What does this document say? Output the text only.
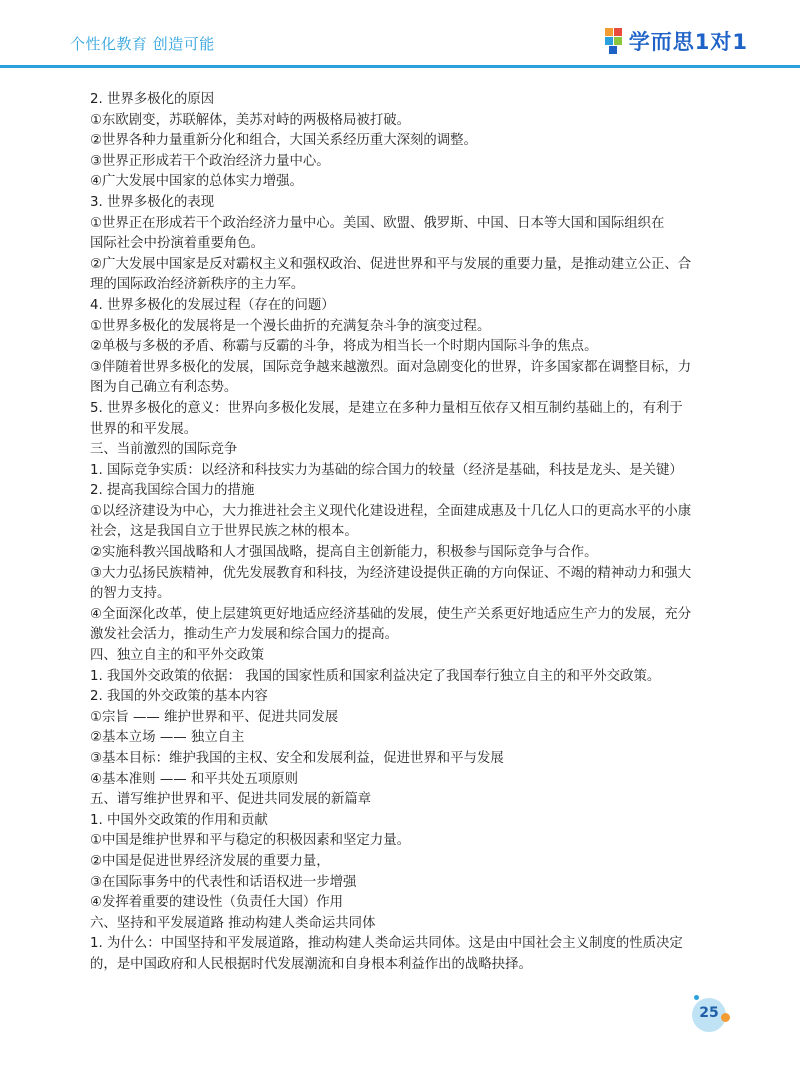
个性化教育 创造可能	学而思1对1
2. 世界多极化的原因
①东欧剧变，苏联解体，美苏对峙的两极格局被打破。
②世界各种力量重新分化和组合，大国关系经历重大深刻的调整。
③世界正形成若干个政治经济力量中心。
④广大发展中国家的总体实力增强。
3. 世界多极化的表现
①世界正在形成若干个政治经济力量中心。美国、欧盟、俄罗斯、中国、日本等大国和国际组织在
国际社会中扮演着重要角色。
②广大发展中国家是反对霸权主义和强权政治、促进世界和平与发展的重要力量，是推动建立公正、合
理的国际政治经济新秩序的主力军。
4. 世界多极化的发展过程（存在的问题）
①世界多极化的发展将是一个漫长曲折的充满复杂斗争的演变过程。
②单极与多极的矛盾、称霸与反霸的斗争，将成为相当长一个时期内国际斗争的焦点。
③伴随着世界多极化的发展，国际竞争越来越激烈。面对急剧变化的世界，许多国家都在调整目标，力
图为自己确立有利态势。
5. 世界多极化的意义：世界向多极化发展，是建立在多种力量相互依存又相互制约基础上的，有利于
世界的和平发展。
三、当前激烈的国际竞争
1. 国际竞争实质：以经济和科技实力为基础的综合国力的较量（经济是基础，科技是龙头、是关键）
2. 提高我国综合国力的措施
①以经济建设为中心，大力推进社会主义现代化建设进程，全面建成惠及十几亿人口的更高水平的小康
社会，这是我国自立于世界民族之林的根本。
②实施科教兴国战略和人才强国战略，提高自主创新能力，积极参与国际竞争与合作。
③大力弘扬民族精神，优先发展教育和科技，为经济建设提供正确的方向保证、不竭的精神动力和强大
的智力支持。
④全面深化改革，使上层建筑更好地适应经济基础的发展，使生产关系更好地适应生产力的发展，充分
激发社会活力，推动生产力发展和综合国力的提高。
四、独立自主的和平外交政策
1. 我国外交政策的依据： 我国的国家性质和国家利益决定了我国奉行独立自主的和平外交政策。
2. 我国的外交政策的基本内容
①宗旨 —— 维护世界和平、促进共同发展
②基本立场 —— 独立自主
③基本目标：维护我国的主权、安全和发展利益，促进世界和平与发展
④基本准则 —— 和平共处五项原则
五、谱写维护世界和平、促进共同发展的新篇章
1. 中国外交政策的作用和贡献
①中国是维护世界和平与稳定的积极因素和坚定力量。
②中国是促进世界经济发展的重要力量，
③在国际事务中的代表性和话语权进一步增强
④发挥着重要的建设性（负责任大国）作用
六、坚持和平发展道路 推动构建人类命运共同体
1. 为什么：中国坚持和平发展道路，推动构建人类命运共同体。这是由中国社会主义制度的性质决定
的，是中国政府和人民根据时代发展潮流和自身根本利益作出的战略抉择。
25
